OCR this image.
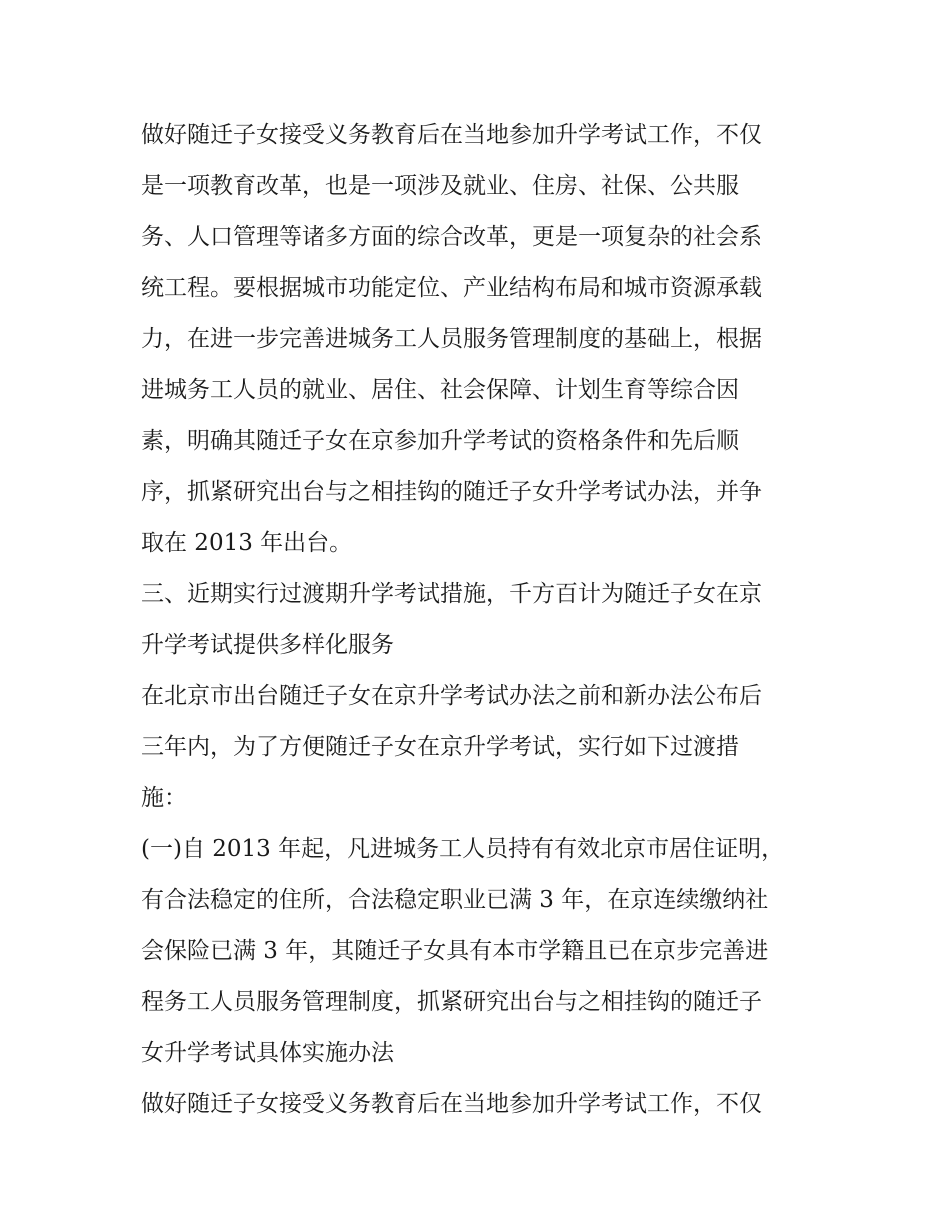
做好随迁子女接受义务教育后在当地参加升学考试工作，不仅
是一项教育改革，也是一项涉及就业、住房、社保、公共服
务、人口管理等诸多方面的综合改革，更是一项复杂的社会系
统工程。要根据城市功能定位、产业结构布局和城市资源承载
力，在进一步完善进城务工人员服务管理制度的基础上，根据
进城务工人员的就业、居住、社会保障、计划生育等综合因
素，明确其随迁子女在京参加升学考试的资格条件和先后顺
序，抓紧研究出台与之相挂钩的随迁子女升学考试办法，并争
取在 2013 年出台。
三、近期实行过渡期升学考试措施，千方百计为随迁子女在京
升学考试提供多样化服务
在北京市出台随迁子女在京升学考试办法之前和新办法公布后
三年内，为了方便随迁子女在京升学考试，实行如下过渡措
施：
(一)自 2013 年起，凡进城务工人员持有有效北京市居住证明，
有合法稳定的住所，合法稳定职业已满 3 年，在京连续缴纳社
会保险已满 3 年，其随迁子女具有本市学籍且已在京步完善进
程务工人员服务管理制度，抓紧研究出台与之相挂钩的随迁子
女升学考试具体实施办法
做好随迁子女接受义务教育后在当地参加升学考试工作，不仅
